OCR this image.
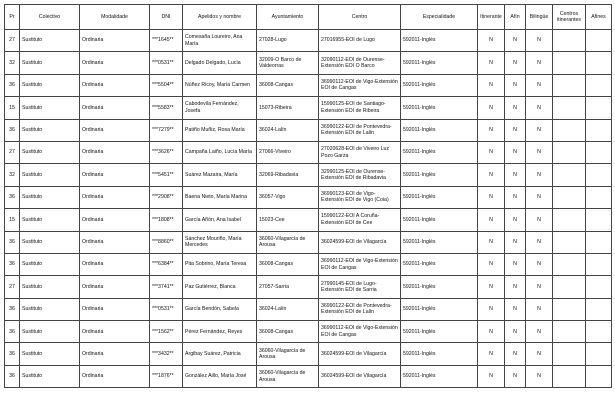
Pr	Colectivo	Modalidade	DNI	Apelidos y nombre	Ayuntamiento	Centro	Especialidade	Itinerante	Afín	Bilingüe	Centros itinerantes	Afines
27	Sustituto	Ordinaria	***1645**	Comesaña Loureiro, Ana María	27028-Lugo	27016955-EOI de Lugo	592011-Inglés	N	N	N		
32	Sustituto	Ordinaria	***0531**	Delgado Delgado, Lucía	32009-O Barco de Valdeorras	32090112-EOI de Ourense-Extensión EOI O Barco	592011-Inglés	N	N	N		
36	Sustituto	Ordinaria	***5504**	Núñez Ricoy, María Carmen	36008-Cangas	36990112-EOI de Vigo-Extensión EOI de Cangas	592011-Inglés	N	N	N		
15	Sustituto	Ordinaria	***5583**	Cabodevila Fernández, Josefa	15073-Ribeira	15990125-EOI de Santiago-Extensión EOI de Ribeira	592011-Inglés	N	N	N		
36	Sustituto	Ordinaria	***7279**	Patiño Muñiz, Rosa María	36024-Lalín	36990122-EOI de Pontevedra-Extensión EOI de Lalín	592011-Inglés	N	N	N		
27	Sustituto	Ordinaria	***3626**	Campaña Laiño, Lucía María	27066-Viveiro	27020628-EOI de Viveiro Luz Pozo Garza	592011-Inglés	N	N	N		
32	Sustituto	Ordinaria	***5451**	Suárez Mazaira, María	32069-Ribadavia	32990125-EOI de Ourense-Extensión EOI de Ribadavia	592011-Inglés	N	N	N		
36	Sustituto	Ordinaria	***2908**	Baena Nieto, María Marina	36057-Vigo	36990123-EOI de Vigo-Extensión EOI de Vigo (Coia)	592011-Inglés	N	N	N		
15	Sustituto	Ordinaria	***1808**	García Añón, Ana Isabel	15023-Cee	15990122-EOI A Coruña-Extensión EOI de Cee	592011-Inglés	N	N	N		
36	Sustituto	Ordinaria	***8860**	Sánchez Mouriño, María Mercedes	36060-Vilagarcía de Arousa	36024599-EOI de Vilagarcía	592011-Inglés	N	N	N		
36	Sustituto	Ordinaria	***6384**	Pita Sobrino, María Teresa	36008-Cangas	36990112-EOI de Vigo-Extensión EOI de Cangas	592011-Inglés	N	N	N		
27	Sustituto	Ordinaria	***3741**	Paz Gutiérrez, Blanca	27057-Sarria	27990145-EOI de Lugo-Extensión EOI de Sarria	592011-Inglés	N	N	N		
36	Sustituto	Ordinaria	***0531**	García Bendón, Sabela	36024-Lalín	36990122-EOI de Pontevedra-Extensión EOI de Lalín	592011-Inglés	N	N	N		
36	Sustituto	Ordinaria	***1562**	Pérez Fernández, Reyes	36008-Cangas	36990112-EOI de Vigo-Extensión EOI de Cangas	592011-Inglés	N	N	N		
36	Sustituto	Ordinaria	***3432**	Argibay Suárez, Patricia	36060-Vilagarcía de Arousa	36024599-EOI de Vilagarcía	592011-Inglés	N	N	N		
36	Sustituto	Ordinaria	***1876**	González Aillo, María José	36060-Vilagarcía de Arousa	36024599-EOI de Vilagarcía	592011-Inglés	N	N	N		
